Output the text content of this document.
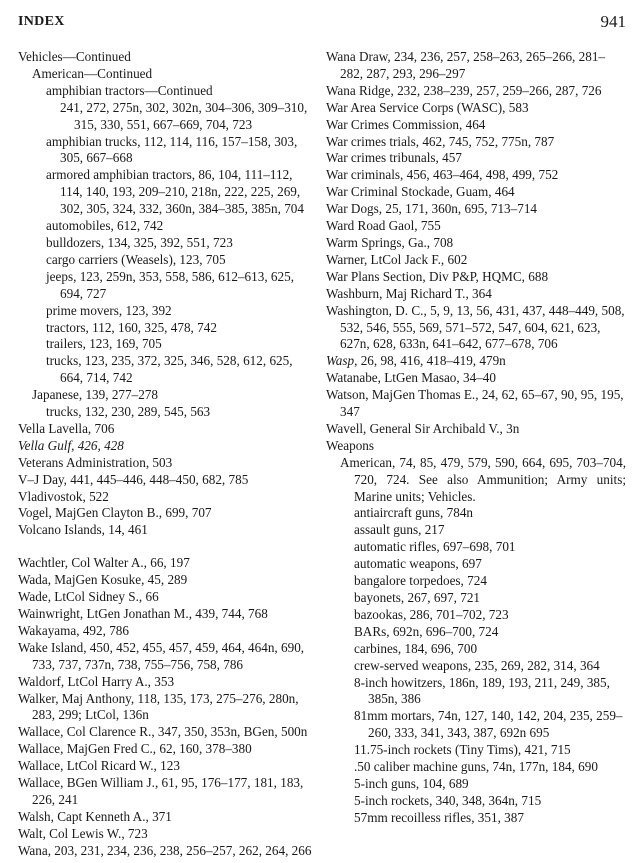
INDEX	941
Vehicles—Continued
American—Continued
amphibian tractors—Continued
241, 272, 275n, 302, 302n, 304–306, 309–310, 315, 330, 551, 667–669, 704, 723
amphibian trucks, 112, 114, 116, 157–158, 303, 305, 667–668
armored amphibian tractors, 86, 104, 111–112, 114, 140, 193, 209–210, 218n, 222, 225, 269, 302, 305, 324, 332, 360n, 384–385, 385n, 704
automobiles, 612, 742
bulldozers, 134, 325, 392, 551, 723
cargo carriers (Weasels), 123, 705
jeeps, 123, 259n, 353, 558, 586, 612–613, 625, 694, 727
prime movers, 123, 392
tractors, 112, 160, 325, 478, 742
trailers, 123, 169, 705
trucks, 123, 235, 372, 325, 346, 528, 612, 625, 664, 714, 742
Japanese, 139, 277–278
trucks, 132, 230, 289, 545, 563
Vella Lavella, 706
Vella Gulf, 426, 428
Veterans Administration, 503
V–J Day, 441, 445–446, 448–450, 682, 785
Vladivostok, 522
Vogel, MajGen Clayton B., 699, 707
Volcano Islands, 14, 461
Wachtler, Col Walter A., 66, 197
Wada, MajGen Kosuke, 45, 289
Wade, LtCol Sidney S., 66
Wainwright, LtGen Jonathan M., 439, 744, 768
Wakayama, 492, 786
Wake Island, 450, 452, 455, 457, 459, 464, 464n, 690, 733, 737, 737n, 738, 755–756, 758, 786
Waldorf, LtCol Harry A., 353
Walker, Maj Anthony, 118, 135, 173, 275–276, 280n, 283, 299; LtCol, 136n
Wallace, Col Clarence R., 347, 350, 353n, BGen, 500n
Wallace, MajGen Fred C., 62, 160, 378–380
Wallace, LtCol Ricard W., 123
Wallace, BGen William J., 61, 95, 176–177, 181, 183, 226, 241
Walsh, Capt Kenneth A., 371
Walt, Col Lewis W., 723
Wana, 203, 231, 234, 236, 238, 256–257, 262, 264, 266
Wana Draw, 234, 236, 257, 258–263, 265–266, 281–282, 287, 293, 296–297
Wana Ridge, 232, 238–239, 257, 259–266, 287, 726
War Area Service Corps (WASC), 583
War Crimes Commission, 464
War crimes trials, 462, 745, 752, 775n, 787
War crimes tribunals, 457
War criminals, 456, 463–464, 498, 499, 752
War Criminal Stockade, Guam, 464
War Dogs, 25, 171, 360n, 695, 713–714
Ward Road Gaol, 755
Warm Springs, Ga., 708
Warner, LtCol Jack F., 602
War Plans Section, Div P&P, HQMC, 688
Washburn, Maj Richard T., 364
Washington, D. C., 5, 9, 13, 56, 431, 437, 448–449, 508, 532, 546, 555, 569, 571–572, 547, 604, 621, 623, 627n, 628, 633n, 641–642, 677–678, 706
Wasp, 26, 98, 416, 418–419, 479n
Watanabe, LtGen Masao, 34–40
Watson, MajGen Thomas E., 24, 62, 65–67, 90, 95, 195, 347
Wavell, General Sir Archibald V., 3n
Weapons
American, 74, 85, 479, 579, 590, 664, 695, 703–704, 720, 724. See also Ammunition; Army units; Marine units; Vehicles.
antiaircraft guns, 784n
assault guns, 217
automatic rifles, 697–698, 701
automatic weapons, 697
bangalore torpedoes, 724
bayonets, 267, 697, 721
bazookas, 286, 701–702, 723
BARs, 692n, 696–700, 724
carbines, 184, 696, 700
crew-served weapons, 235, 269, 282, 314, 364
8-inch howitzers, 186n, 189, 193, 211, 249, 385, 385n, 386
81mm mortars, 74n, 127, 140, 142, 204, 235, 259–260, 333, 341, 343, 387, 692n 695
11.75-inch rockets (Tiny Tims), 421, 715
.50 caliber machine guns, 74n, 177n, 184, 690
5-inch guns, 104, 689
5-inch rockets, 340, 348, 364n, 715
57mm recoilless rifles, 351, 387
